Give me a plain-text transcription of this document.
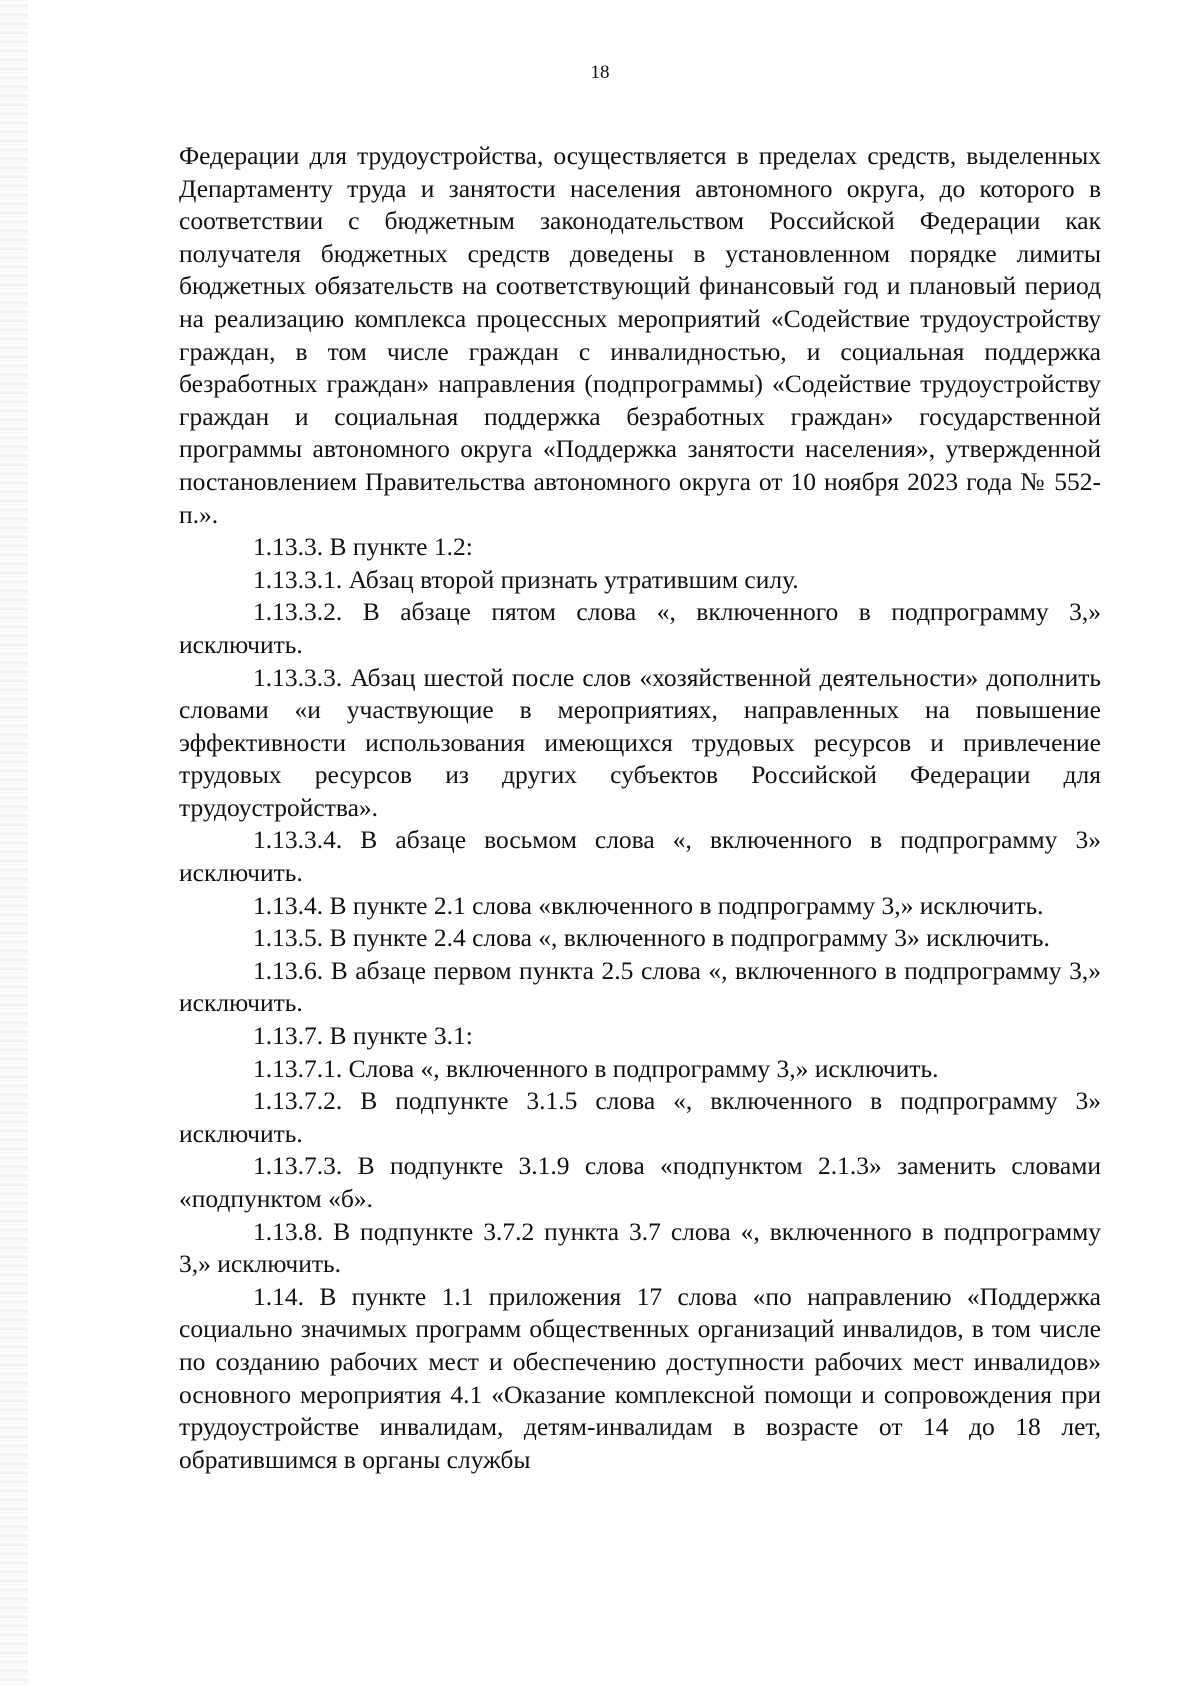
18

Федерации для трудоустройства, осуществляется в пределах средств, выделенных Департаменту труда и занятости населения автономного округа, до которого в соответствии с бюджетным законодательством Российской Федерации как получателя бюджетных средств доведены в установленном порядке лимиты бюджетных обязательств на соответствующий финансовый год и плановый период на реализацию комплекса процессных мероприятий «Содействие трудоустройству граждан, в том числе граждан с инвалидностью, и социальная поддержка безработных граждан» направления (подпрограммы) «Содействие трудоустройству граждан и социальная поддержка безработных граждан» государственной программы автономного округа «Поддержка занятости населения», утвержденной постановлением Правительства автономного округа от 10 ноября 2023 года № 552-п.».

1.13.3. В пункте 1.2:

1.13.3.1. Абзац второй признать утратившим силу.

1.13.3.2. В абзаце пятом слова «, включенного в подпрограмму 3,» исключить.

1.13.3.3. Абзац шестой после слов «хозяйственной деятельности» дополнить словами «и участвующие в мероприятиях, направленных на повышение эффективности использования имеющихся трудовых ресурсов и привлечение трудовых ресурсов из других субъектов Российской Федерации для трудоустройства».

1.13.3.4. В абзаце восьмом слова «, включенного в подпрограмму 3» исключить.

1.13.4. В пункте 2.1 слова «включенного в подпрограмму 3,» исключить.

1.13.5. В пункте 2.4 слова «, включенного в подпрограмму 3» исключить.

1.13.6. В абзаце первом пункта 2.5 слова «, включенного в подпрограмму 3,» исключить.

1.13.7. В пункте 3.1:

1.13.7.1. Слова «, включенного в подпрограмму 3,» исключить.

1.13.7.2. В подпункте 3.1.5 слова «, включенного в подпрограмму 3» исключить.

1.13.7.3. В подпункте 3.1.9 слова «подпунктом 2.1.3» заменить словами «подпунктом «б».

1.13.8. В подпункте 3.7.2 пункта 3.7 слова «, включенного в подпрограмму 3,» исключить.

1.14. В пункте 1.1 приложения 17 слова «по направлению «Поддержка социально значимых программ общественных организаций инвалидов, в том числе по созданию рабочих мест и обеспечению доступности рабочих мест инвалидов» основного мероприятия 4.1 «Оказание комплексной помощи и сопровождения при трудоустройстве инвалидам, детям-инвалидам в возрасте от 14 до 18 лет, обратившимся в органы службы
